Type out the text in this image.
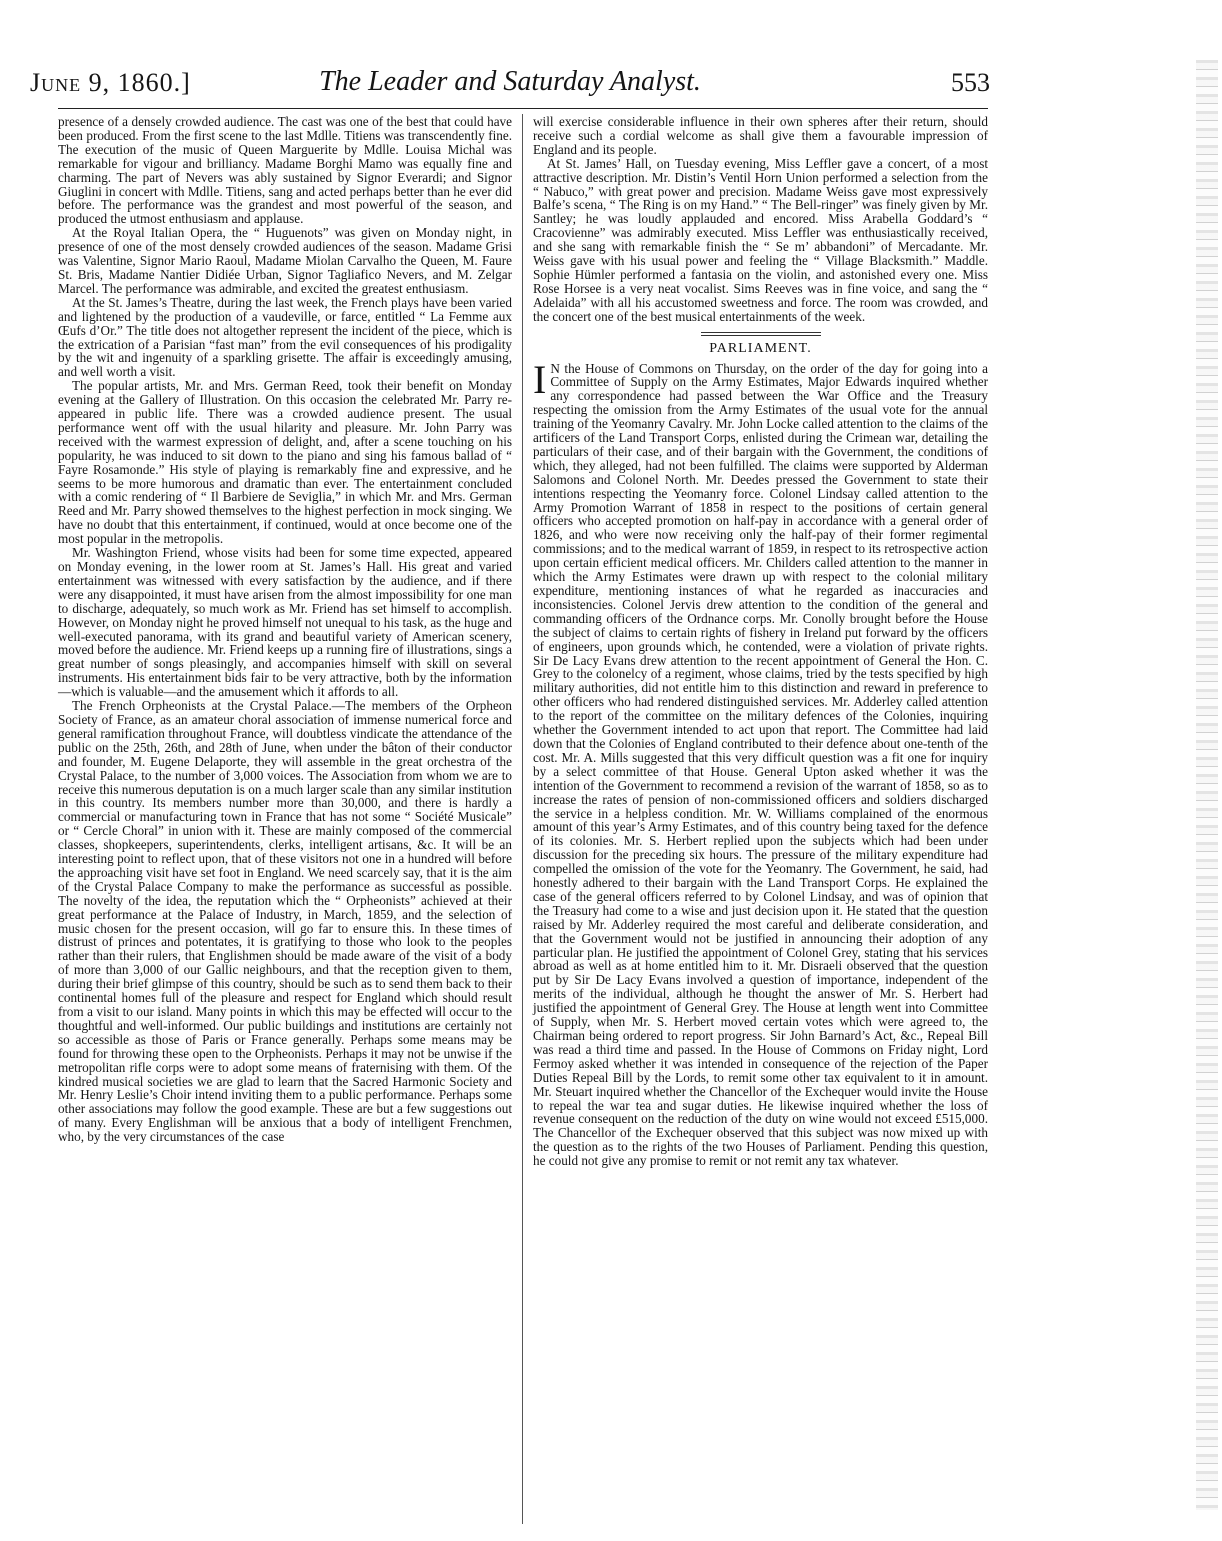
June 9, 1860.]	The Leader and Saturday Analyst.	553

presence of a densely crowded audience. The cast was one of the best that could have been produced. From the first scene to the last Mdlle. Titiens was transcendently fine. The execution of the music of Queen Marguerite by Mdlle. Louisa Michal was remarkable for vigour and brilliancy. Madame Borghi Mamo was equally fine and charming. The part of Nevers was ably sustained by Signor Everardi; and Signor Giuglini in concert with Mdlle. Titiens, sang and acted perhaps better than he ever did before. The performance was the grandest and most powerful of the season, and produced the utmost enthusiasm and applause.

At the Royal Italian Opera, the “ Huguenots” was given on Monday night, in presence of one of the most densely crowded audiences of the season. Madame Grisi was Valentine, Signor Mario Raoul, Madame Miolan Carvalho the Queen, M. Faure St. Bris, Madame Nantier Didiée Urban, Signor Tagliafico Nevers, and M. Zelgar Marcel. The performance was admirable, and excited the greatest enthusiasm.

At the St. James’s Theatre, during the last week, the French plays have been varied and lightened by the production of a vaudeville, or farce, entitled “ La Femme aux Œufs d’Or.” The title does not altogether represent the incident of the piece, which is the extrication of a Parisian “fast man” from the evil consequences of his prodigality by the wit and ingenuity of a sparkling grisette. The affair is exceedingly amusing, and well worth a visit.

The popular artists, Mr. and Mrs. German Reed, took their benefit on Monday evening at the Gallery of Illustration. On this occasion the celebrated Mr. Parry re-appeared in public life. There was a crowded audience present. The usual performance went off with the usual hilarity and pleasure. Mr. John Parry was received with the warmest expression of delight, and, after a scene touching on his popularity, he was induced to sit down to the piano and sing his famous ballad of “ Fayre Rosamonde.” His style of playing is remarkably fine and expressive, and he seems to be more humorous and dramatic than ever. The entertainment concluded with a comic rendering of “ Il Barbiere de Seviglia,” in which Mr. and Mrs. German Reed and Mr. Parry showed themselves to the highest perfection in mock singing. We have no doubt that this entertainment, if continued, would at once become one of the most popular in the metropolis.

Mr. Washington Friend, whose visits had been for some time expected, appeared on Monday evening, in the lower room at St. James’s Hall. His great and varied entertainment was witnessed with every satisfaction by the audience, and if there were any disappointed, it must have arisen from the almost impossibility for one man to discharge, adequately, so much work as Mr. Friend has set himself to accomplish. However, on Monday night he proved himself not unequal to his task, as the huge and well-executed panorama, with its grand and beautiful variety of American scenery, moved before the audience. Mr. Friend keeps up a running fire of illustrations, sings a great number of songs pleasingly, and accompanies himself with skill on several instruments. His entertainment bids fair to be very attractive, both by the information—which is valuable—and the amusement which it affords to all.

The French Orpheonists at the Crystal Palace.—The members of the Orpheon Society of France, as an amateur choral association of immense numerical force and general ramification throughout France, will doubtless vindicate the attendance of the public on the 25th, 26th, and 28th of June, when under the bâton of their conductor and founder, M. Eugene Delaporte, they will assemble in the great orchestra of the Crystal Palace, to the number of 3,000 voices. The Association from whom we are to receive this numerous deputation is on a much larger scale than any similar institution in this country. Its members number more than 30,000, and there is hardly a commercial or manufacturing town in France that has not some “ Société Musicale” or “ Cercle Choral” in union with it. These are mainly composed of the commercial classes, shopkeepers, superintendents, clerks, intelligent artisans, &c. It will be an interesting point to reflect upon, that of these visitors not one in a hundred will before the approaching visit have set foot in England. We need scarcely say, that it is the aim of the Crystal Palace Company to make the performance as successful as possible. The novelty of the idea, the reputation which the “ Orpheonists” achieved at their great performance at the Palace of Industry, in March, 1859, and the selection of music chosen for the present occasion, will go far to ensure this. In these times of distrust of princes and potentates, it is gratifying to those who look to the peoples rather than their rulers, that Englishmen should be made aware of the visit of a body of more than 3,000 of our Gallic neighbours, and that the reception given to them, during their brief glimpse of this country, should be such as to send them back to their continental homes full of the pleasure and respect for England which should result from a visit to our island. Many points in which this may be effected will occur to the thoughtful and well-informed. Our public buildings and institutions are certainly not so accessible as those of Paris or France generally. Perhaps some means may be found for throwing these open to the Orpheonists. Perhaps it may not be unwise if the metropolitan rifle corps were to adopt some means of fraternising with them. Of the kindred musical societies we are glad to learn that the Sacred Harmonic Society and Mr. Henry Leslie’s Choir intend inviting them to a public performance. Perhaps some other associations may follow the good example. These are but a few suggestions out of many. Every Englishman will be anxious that a body of intelligent Frenchmen, who, by the very circumstances of the case

will exercise considerable influence in their own spheres after their return, should receive such a cordial welcome as shall give them a favourable impression of England and its people.

At St. James’ Hall, on Tuesday evening, Miss Leffler gave a concert, of a most attractive description. Mr. Distin’s Ventil Horn Union performed a selection from the “ Nabuco,” with great power and precision. Madame Weiss gave most expressively Balfe’s scena, “ The Ring is on my Hand.” “ The Bell-ringer” was finely given by Mr. Santley; he was loudly applauded and encored. Miss Arabella Goddard’s “ Cracovienne” was admirably executed. Miss Leffler was enthusiastically received, and she sang with remarkable finish the “ Se m’ abbandoni” of Mercadante. Mr. Weiss gave with his usual power and feeling the “ Village Blacksmith.” Maddle. Sophie Hümler performed a fantasia on the violin, and astonished every one. Miss Rose Horsee is a very neat vocalist. Sims Reeves was in fine voice, and sang the “ Adelaida” with all his accustomed sweetness and force. The room was crowded, and the concert one of the best musical entertainments of the week.

PARLIAMENT.

I N the House of Commons on Thursday, on the order of the day for going into a Committee of Supply on the Army Estimates, Major Edwards inquired whether any correspondence had passed between the War Office and the Treasury respecting the omission from the Army Estimates of the usual vote for the annual training of the Yeomanry Cavalry. Mr. John Locke called attention to the claims of the artificers of the Land Transport Corps, enlisted during the Crimean war, detailing the particulars of their case, and of their bargain with the Government, the conditions of which, they alleged, had not been fulfilled. The claims were supported by Alderman Salomons and Colonel North. Mr. Deedes pressed the Government to state their intentions respecting the Yeomanry force. Colonel Lindsay called attention to the Army Promotion Warrant of 1858 in respect to the positions of certain general officers who accepted promotion on half-pay in accordance with a general order of 1826, and who were now receiving only the half-pay of their former regimental commissions; and to the medical warrant of 1859, in respect to its retrospective action upon certain efficient medical officers. Mr. Childers called attention to the manner in which the Army Estimates were drawn up with respect to the colonial military expenditure, mentioning instances of what he regarded as inaccuracies and inconsistencies. Colonel Jervis drew attention to the condition of the general and commanding officers of the Ordnance corps. Mr. Conolly brought before the House the subject of claims to certain rights of fishery in Ireland put forward by the officers of engineers, upon grounds which, he contended, were a violation of private rights. Sir De Lacy Evans drew attention to the recent appointment of General the Hon. C. Grey to the colonelcy of a regiment, whose claims, tried by the tests specified by high military authorities, did not entitle him to this distinction and reward in preference to other officers who had rendered distinguished services. Mr. Adderley called attention to the report of the committee on the military defences of the Colonies, inquiring whether the Government intended to act upon that report. The Committee had laid down that the Colonies of England contributed to their defence about one-tenth of the cost. Mr. A. Mills suggested that this very difficult question was a fit one for inquiry by a select committee of that House. General Upton asked whether it was the intention of the Government to recommend a revision of the warrant of 1858, so as to increase the rates of pension of non-commissioned officers and soldiers discharged the service in a helpless condition. Mr. W. Williams complained of the enormous amount of this year’s Army Estimates, and of this country being taxed for the defence of its colonies. Mr. S. Herbert replied upon the subjects which had been under discussion for the preceding six hours. The pressure of the military expenditure had compelled the omission of the vote for the Yeomanry. The Government, he said, had honestly adhered to their bargain with the Land Transport Corps. He explained the case of the general officers referred to by Colonel Lindsay, and was of opinion that the Treasury had come to a wise and just decision upon it. He stated that the question raised by Mr. Adderley required the most careful and deliberate consideration, and that the Government would not be justified in announcing their adoption of any particular plan. He justified the appointment of Colonel Grey, stating that his services abroad as well as at home entitled him to it. Mr. Disraeli observed that the question put by Sir De Lacy Evans involved a question of importance, independent of the merits of the individual, although he thought the answer of Mr. S. Herbert had justified the appointment of General Grey. The House at length went into Committee of Supply, when Mr. S. Herbert moved certain votes which were agreed to, the Chairman being ordered to report progress. Sir John Barnard’s Act, &c., Repeal Bill was read a third time and passed. In the House of Commons on Friday night, Lord Fermoy asked whether it was intended in consequence of the rejection of the Paper Duties Repeal Bill by the Lords, to remit some other tax equivalent to it in amount. Mr. Steuart inquired whether the Chancellor of the Exchequer would invite the House to repeal the war tea and sugar duties. He likewise inquired whether the loss of revenue consequent on the reduction of the duty on wine would not exceed £515,000. The Chancellor of the Exchequer observed that this subject was now mixed up with the question as to the rights of the two Houses of Parliament. Pending this question, he could not give any promise to remit or not remit any tax whatever.
